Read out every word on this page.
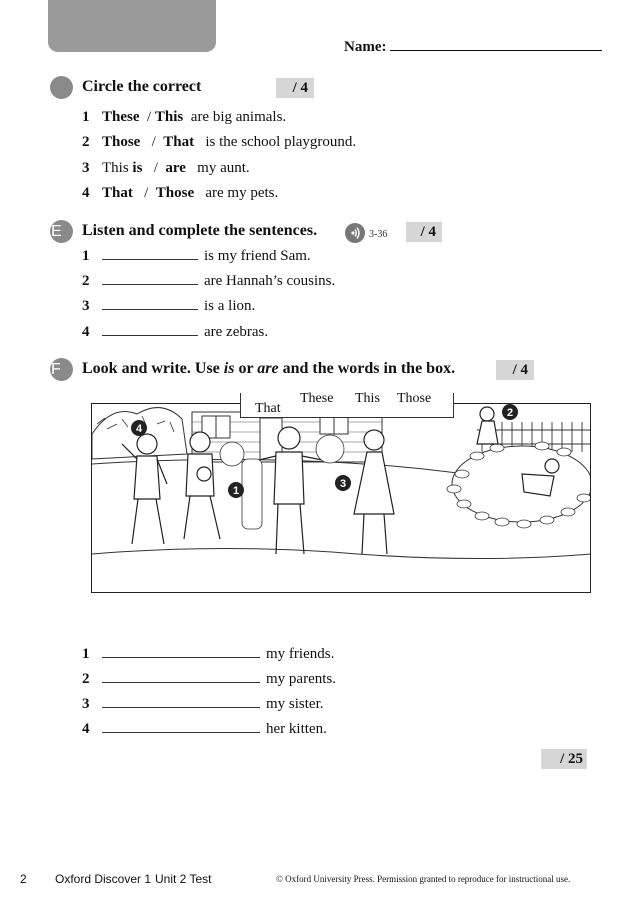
Name:
Circle the correct	/ 4
1 These / This are big animals.
2 Those / That is the school playground.
3 This is / are my aunt.
4 That / Those are my pets.
E	Listen and complete the sentences.	3-36	/ 4
1	is my friend Sam.
2	are Hannah’s cousins.
3	is a lion.
4	are zebras.
F	Look and write. Use is or are and the words in the box.	/ 4
1
2
3
4
That
These This Those
1	my friends.
2	my parents.
3	my sister.
4	her kitten.
/ 25
2 Oxford Discover 1 Unit 2 Test	© Oxford University Press. Permission granted to reproduce for instructional use.
